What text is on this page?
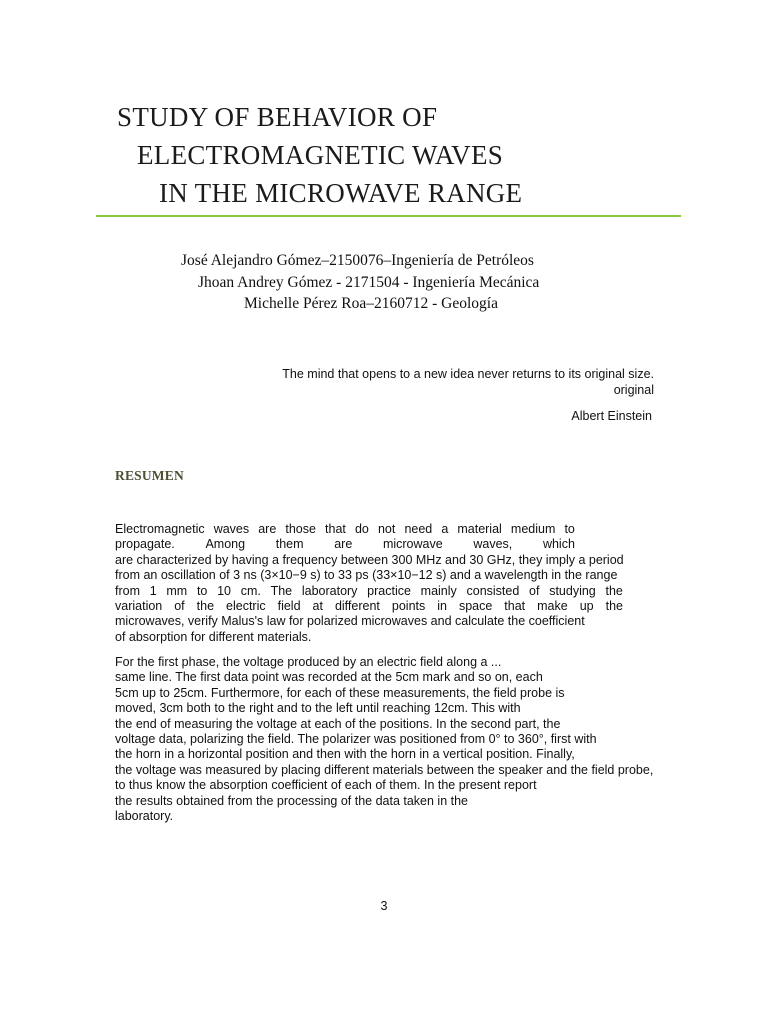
STUDY OF BEHAVIOR OF
ELECTROMAGNETIC WAVES
IN THE MICROWAVE RANGE
José Alejandro Gómez–2150076–Ingeniería de Petróleos
Jhoan Andrey Gómez - 2171504 - Ingeniería Mecánica
Michelle Pérez Roa–2160712 - Geología
The mind that opens to a new idea never returns to its original size.
original
Albert Einstein
RESUMEN
Electromagnetic waves are those that do not need a material medium to
propagate. Among them are microwave waves, which
are characterized by having a frequency between 300 MHz and 30 GHz, they imply a period
from an oscillation of 3 ns (3×10−9 s) to 33 ps (33×10−12 s) and a wavelength in the range
from 1 mm to 10 cm. The laboratory practice mainly consisted of studying the
variation of the electric field at different points in space that make up the
microwaves, verify Malus's law for polarized microwaves and calculate the coefficient
of absorption for different materials.
For the first phase, the voltage produced by an electric field along a ...
same line. The first data point was recorded at the 5cm mark and so on, each
5cm up to 25cm. Furthermore, for each of these measurements, the field probe is
moved, 3cm both to the right and to the left until reaching 12cm. This with
the end of measuring the voltage at each of the positions. In the second part, the
voltage data, polarizing the field. The polarizer was positioned from 0° to 360°, first with
the horn in a horizontal position and then with the horn in a vertical position. Finally,
the voltage was measured by placing different materials between the speaker and the field probe,
to thus know the absorption coefficient of each of them. In the present report
the results obtained from the processing of the data taken in the
laboratory.
3
